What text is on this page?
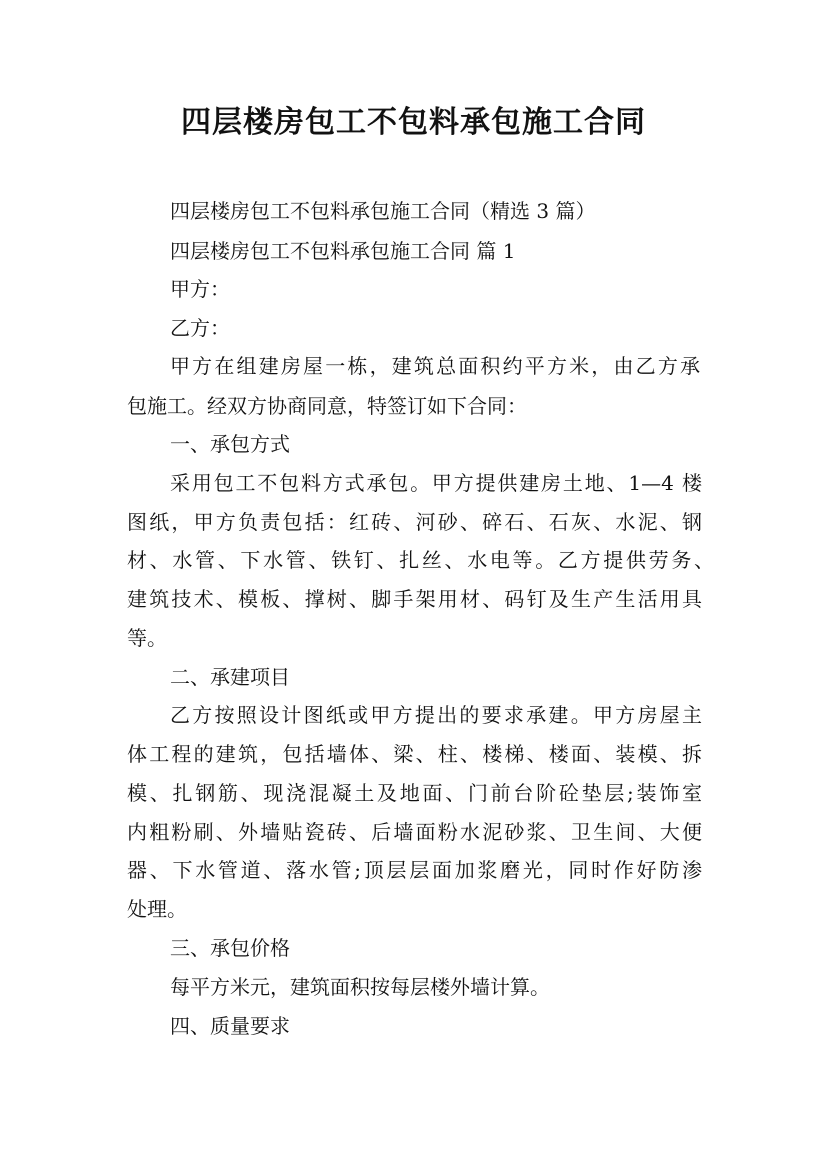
四层楼房包工不包料承包施工合同

四层楼房包工不包料承包施工合同（精选 3 篇）

四层楼房包工不包料承包施工合同 篇 1

甲方：

乙方：

甲方在组建房屋一栋，建筑总面积约平方米，由乙方承

包施工。经双方协商同意，特签订如下合同：

一、承包方式

采用包工不包料方式承包。甲方提供建房土地、1—4 楼

图纸，甲方负责包括：红砖、河砂、碎石、石灰、水泥、钢

材、水管、下水管、铁钉、扎丝、水电等。乙方提供劳务、

建筑技术、模板、撑树、脚手架用材、码钉及生产生活用具

等。

二、承建项目

乙方按照设计图纸或甲方提出的要求承建。甲方房屋主

体工程的建筑，包括墙体、梁、柱、楼梯、楼面、装模、拆

模、扎钢筋、现浇混凝土及地面、门前台阶砼垫层;装饰室

内粗粉刷、外墙贴瓷砖、后墙面粉水泥砂浆、卫生间、大便

器、下水管道、落水管;顶层层面加浆磨光，同时作好防渗

处理。

三、承包价格

每平方米元，建筑面积按每层楼外墙计算。

四、质量要求
